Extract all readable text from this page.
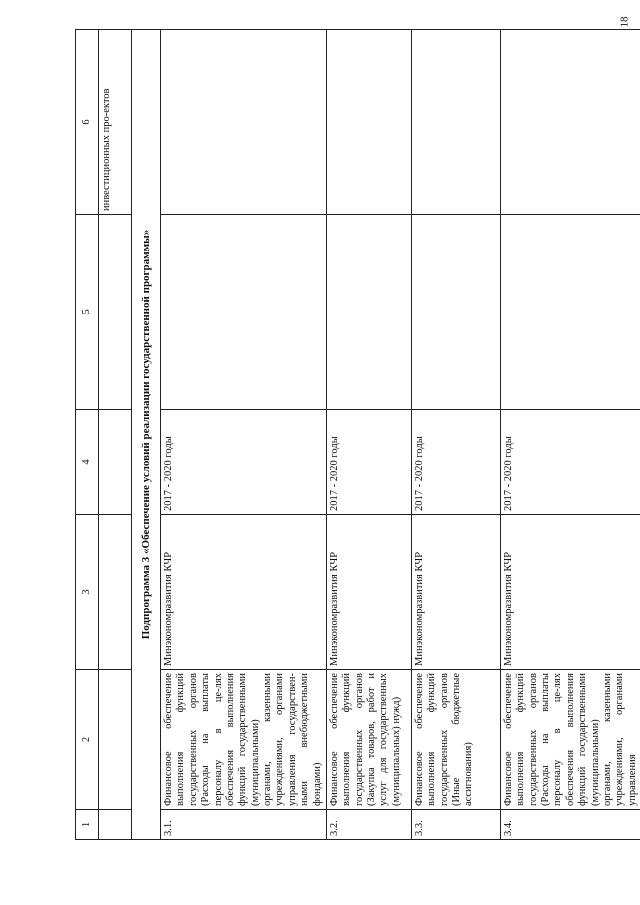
18
1	2	3	4	5	6
					инвестиционных про-ектов
Подпрограмма 3 «Обеспечение условий реализации государственной программы»					
3.1.	Финансовое обеспечение выполнения функций государственных органов (Расходы на выплаты персоналу в це-лях обеспечения выполнения функций государственными (муниципальными) органами, казенными учреждениями, органами управления государствен-ными внебюджетными фондами)	Минэкономразвития КЧР	2017 - 2020 годы		
3.2.	Финансовое обеспечение выполнения функций государственных органов (Закупка товаров, работ и услуг для государственных (муниципальных) нужд)	Минэкономразвития КЧР	2017 - 2020 годы		
3.3.	Финансовое обеспечение выполнения функций государственных органов (Иные бюджетные ассигнования)	Минэкономразвития КЧР	2017 - 2020 годы		
3.4.	Финансовое обеспечение выполнения функций государственных органов (Расходы на выплаты персоналу в це-лях обеспечения выполнения функций государственными (муниципальными) органами, казенными учреждениями, органами управления	Минэкономразвития КЧР	2017 - 2020 годы		
